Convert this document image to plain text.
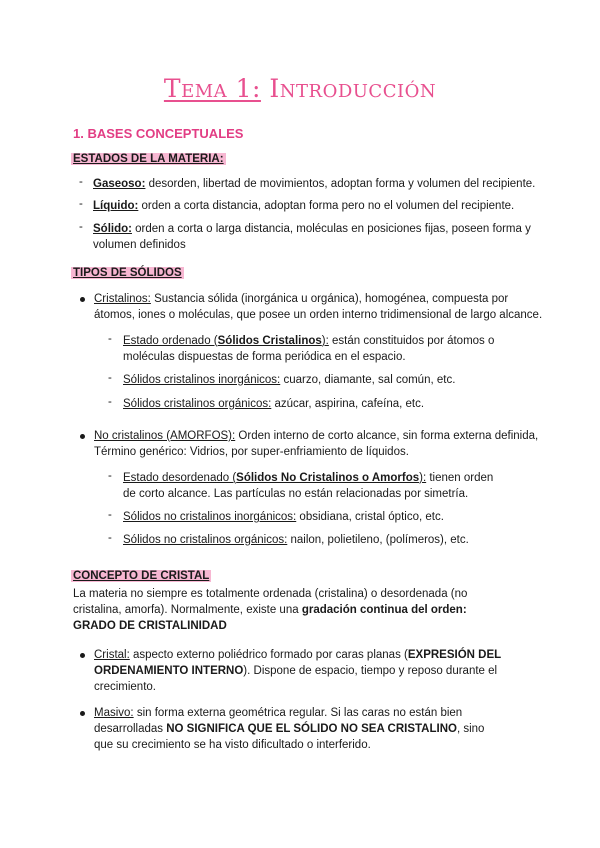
Tema 1: Introducción
1. BASES CONCEPTUALES
ESTADOS DE LA MATERIA:
- Gaseoso: desorden, libertad de movimientos, adoptan forma y volumen del recipiente.
- Líquido: orden a corta distancia, adoptan forma pero no el volumen del recipiente.
- Sólido: orden a corta o larga distancia, moléculas en posiciones fijas, poseen forma y
volumen definidos
TIPOS DE SÓLIDOS
Cristalinos: Sustancia sólida (inorgánica u orgánica), homogénea, compuesta por
átomos, iones o moléculas, que posee un orden interno tridimensional de largo alcance.
- Estado ordenado (Sólidos Cristalinos): están constituidos por átomos o
moléculas dispuestas de forma periódica en el espacio.
- Sólidos cristalinos inorgánicos: cuarzo, diamante, sal común, etc.
- Sólidos cristalinos orgánicos: azúcar, aspirina, cafeína, etc.
No cristalinos (AMORFOS): Orden interno de corto alcance, sin forma externa definida,
Término genérico: Vidrios, por super-enfriamiento de líquidos.
- Estado desordenado (Sólidos No Cristalinos o Amorfos): tienen orden
de corto alcance. Las partículas no están relacionadas por simetría.
- Sólidos no cristalinos inorgánicos: obsidiana, cristal óptico, etc.
- Sólidos no cristalinos orgánicos: nailon, polietileno, (polímeros), etc.
CONCEPTO DE CRISTAL
La materia no siempre es totalmente ordenada (cristalina) o desordenada (no
cristalina, amorfa). Normalmente, existe una gradación continua del orden:
GRADO DE CRISTALINIDAD
Cristal: aspecto externo poliédrico formado por caras planas (EXPRESIÓN DEL
ORDENAMIENTO INTERNO). Dispone de espacio, tiempo y reposo durante el
crecimiento.
Masivo: sin forma externa geométrica regular. Si las caras no están bien
desarrolladas NO SIGNIFICA QUE EL SÓLIDO NO SEA CRISTALINO, sino
que su crecimiento se ha visto dificultado o interferido.
